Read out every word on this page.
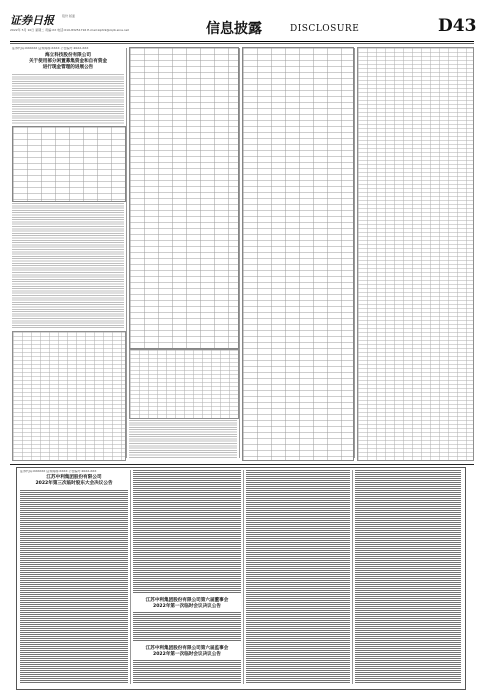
证券日报	股份 版面
2022年 5月 10日 星期二 责编:XX 电话:010-83251716 E-mail:zqrb9@zqrb.sina.net	信息披露	DISCLOSURE	D43
证券代码:XXXXXX 证券简称:XXXX 公告编号:2022-XXX
海立科技股份有限公司
关于使用部分闲置募集资金和自有资金
进行现金管理的进展公告
证券代码:XXXXXX 证券简称:XXXX 公告编号:2022-XXX
江苏中利集团股份有限公司
2022年第三次临时股东大会决议公告
江苏中利集团股份有限公司第六届董事会
2022年第一次临时会议决议公告
江苏中利集团股份有限公司第六届监事会
2022年第一次临时会议决议公告
